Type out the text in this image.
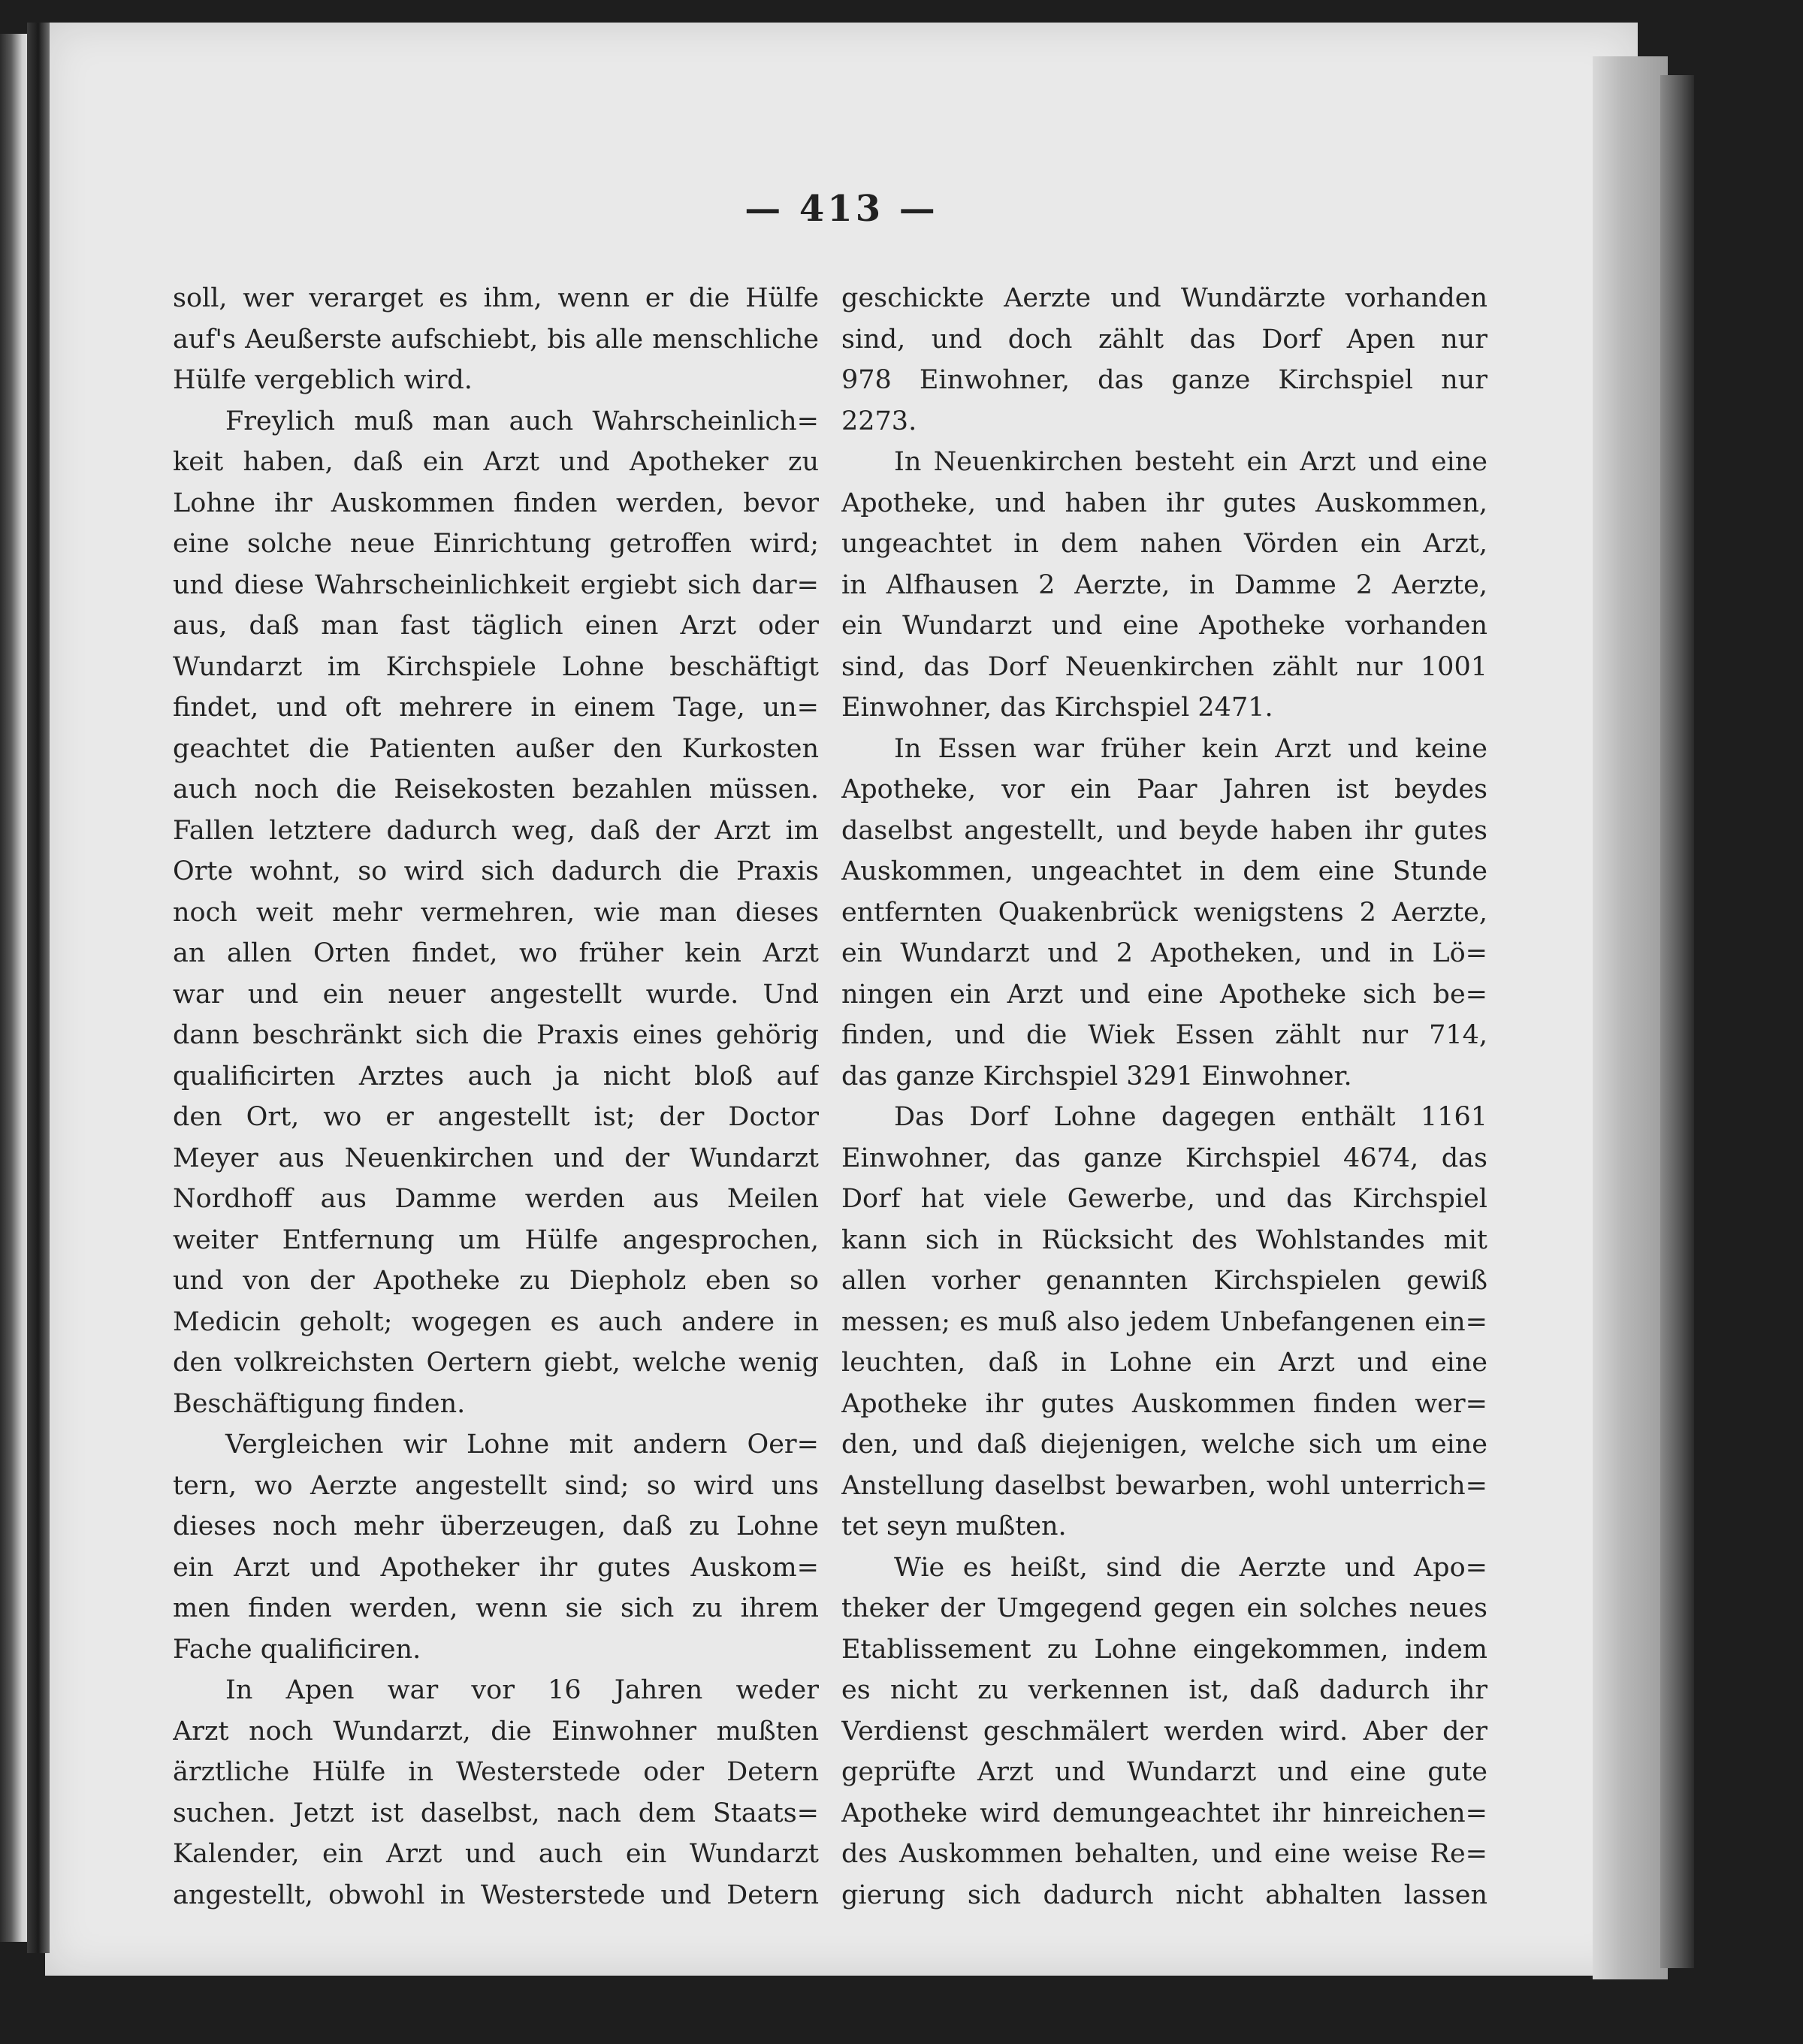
— 413 —
soll, wer verarget es ihm, wenn er die Hülfe
auf's Aeußerste aufschiebt, bis alle menschliche
Hülfe vergeblich wird.
Freylich muß man auch Wahrscheinlich=
keit haben, daß ein Arzt und Apotheker zu
Lohne ihr Auskommen finden werden, bevor
eine solche neue Einrichtung getroffen wird;
und diese Wahrscheinlichkeit ergiebt sich dar=
aus, daß man fast täglich einen Arzt oder
Wundarzt im Kirchspiele Lohne beschäftigt
findet, und oft mehrere in einem Tage, un=
geachtet die Patienten außer den Kurkosten
auch noch die Reisekosten bezahlen müssen.
Fallen letztere dadurch weg, daß der Arzt im
Orte wohnt, so wird sich dadurch die Praxis
noch weit mehr vermehren, wie man dieses
an allen Orten findet, wo früher kein Arzt
war und ein neuer angestellt wurde. Und
dann beschränkt sich die Praxis eines gehörig
qualificirten Arztes auch ja nicht bloß auf
den Ort, wo er angestellt ist; der Doctor
Meyer aus Neuenkirchen und der Wundarzt
Nordhoff aus Damme werden aus Meilen
weiter Entfernung um Hülfe angesprochen,
und von der Apotheke zu Diepholz eben so
Medicin geholt; wogegen es auch andere in
den volkreichsten Oertern giebt, welche wenig
Beschäftigung finden.
Vergleichen wir Lohne mit andern Oer=
tern, wo Aerzte angestellt sind; so wird uns
dieses noch mehr überzeugen, daß zu Lohne
ein Arzt und Apotheker ihr gutes Auskom=
men finden werden, wenn sie sich zu ihrem
Fache qualificiren.
In Apen war vor 16 Jahren weder
Arzt noch Wundarzt, die Einwohner mußten
ärztliche Hülfe in Westerstede oder Detern
suchen. Jetzt ist daselbst, nach dem Staats=
Kalender, ein Arzt und auch ein Wundarzt
angestellt, obwohl in Westerstede und Detern
geschickte Aerzte und Wundärzte vorhanden
sind, und doch zählt das Dorf Apen nur
978 Einwohner, das ganze Kirchspiel nur
2273.
In Neuenkirchen besteht ein Arzt und eine
Apotheke, und haben ihr gutes Auskommen,
ungeachtet in dem nahen Vörden ein Arzt,
in Alfhausen 2 Aerzte, in Damme 2 Aerzte,
ein Wundarzt und eine Apotheke vorhanden
sind, das Dorf Neuenkirchen zählt nur 1001
Einwohner, das Kirchspiel 2471.
In Essen war früher kein Arzt und keine
Apotheke, vor ein Paar Jahren ist beydes
daselbst angestellt, und beyde haben ihr gutes
Auskommen, ungeachtet in dem eine Stunde
entfernten Quakenbrück wenigstens 2 Aerzte,
ein Wundarzt und 2 Apotheken, und in Lö=
ningen ein Arzt und eine Apotheke sich be=
finden, und die Wiek Essen zählt nur 714,
das ganze Kirchspiel 3291 Einwohner.
Das Dorf Lohne dagegen enthält 1161
Einwohner, das ganze Kirchspiel 4674, das
Dorf hat viele Gewerbe, und das Kirchspiel
kann sich in Rücksicht des Wohlstandes mit
allen vorher genannten Kirchspielen gewiß
messen; es muß also jedem Unbefangenen ein=
leuchten, daß in Lohne ein Arzt und eine
Apotheke ihr gutes Auskommen finden wer=
den, und daß diejenigen, welche sich um eine
Anstellung daselbst bewarben, wohl unterrich=
tet seyn mußten.
Wie es heißt, sind die Aerzte und Apo=
theker der Umgegend gegen ein solches neues
Etablissement zu Lohne eingekommen, indem
es nicht zu verkennen ist, daß dadurch ihr
Verdienst geschmälert werden wird. Aber der
geprüfte Arzt und Wundarzt und eine gute
Apotheke wird demungeachtet ihr hinreichen=
des Auskommen behalten, und eine weise Re=
gierung sich dadurch nicht abhalten lassen
